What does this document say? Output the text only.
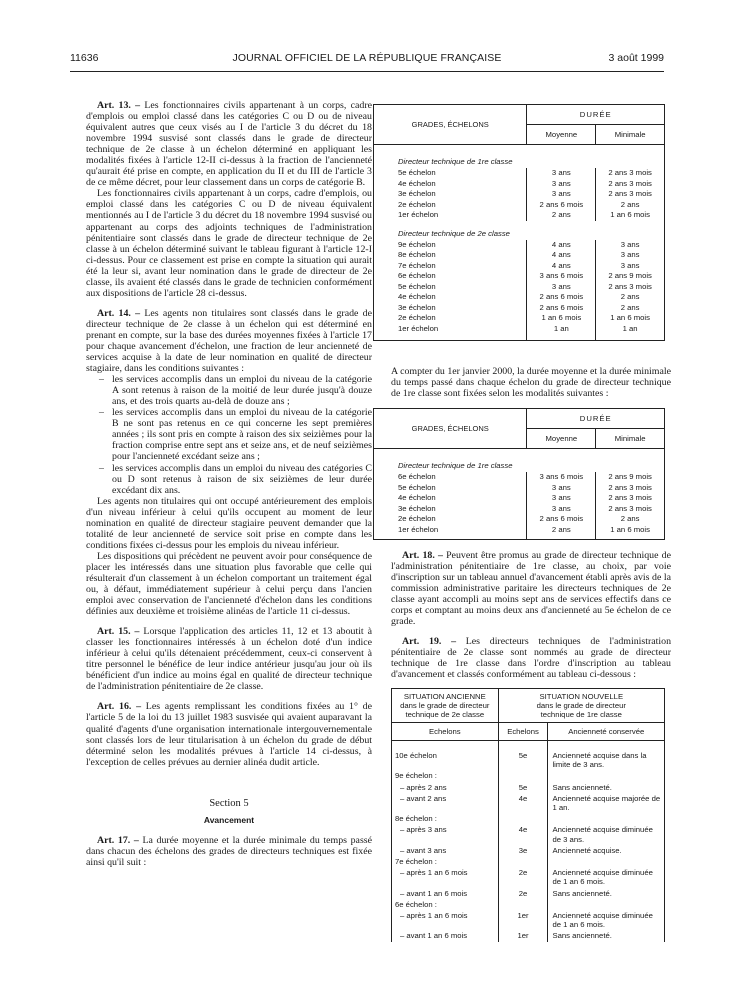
11636	JOURNAL OFFICIEL DE LA RÉPUBLIQUE FRANÇAISE	3 août 1999

Art. 13. – Les fonctionnaires civils appartenant à un corps, cadre d'emplois ou emploi classé dans les catégories C ou D ou de niveau équivalent autres que ceux visés au I de l'article 3 du décret du 18 novembre 1994 susvisé sont classés dans le grade de directeur technique de 2e classe à un échelon déterminé en appliquant les modalités fixées à l'article 12-II ci-dessus à la fraction de l'ancienneté qu'aurait été prise en compte, en application du II et du III de l'article 3 de ce même décret, pour leur classement dans un corps de catégorie B.

Les fonctionnaires civils appartenant à un corps, cadre d'emplois, ou emploi classé dans les catégories C ou D de niveau équivalent mentionnés au I de l'article 3 du décret du 18 novembre 1994 susvisé ou appartenant au corps des adjoints techniques de l'administration pénitentiaire sont classés dans le grade de directeur technique de 2e classe à un échelon déterminé suivant le tableau figurant à l'article 12-I ci-dessus. Pour ce classement est prise en compte la situation qui aurait été la leur si, avant leur nomination dans le grade de directeur de 2e classe, ils avaient été classés dans le grade de technicien conformément aux dispositions de l'article 28 ci-dessus.

Art. 14. – Les agents non titulaires sont classés dans le grade de directeur technique de 2e classe à un échelon qui est déterminé en prenant en compte, sur la base des durées moyennes fixées à l'article 17 pour chaque avancement d'échelon, une fraction de leur ancienneté de services acquise à la date de leur nomination en qualité de directeur stagiaire, dans les conditions suivantes :

– les services accomplis dans un emploi du niveau de la catégorie A sont retenus à raison de la moitié de leur durée jusqu'à douze ans, et des trois quarts au-delà de douze ans ;

– les services accomplis dans un emploi du niveau de la catégorie B ne sont pas retenus en ce qui concerne les sept premières années ; ils sont pris en compte à raison des six seizièmes pour la fraction comprise entre sept ans et seize ans, et de neuf seizièmes pour l'ancienneté excédant seize ans ;

– les services accomplis dans un emploi du niveau des catégories C ou D sont retenus à raison de six seizièmes de leur durée excédant dix ans.

Les agents non titulaires qui ont occupé antérieurement des emplois d'un niveau inférieur à celui qu'ils occupent au moment de leur nomination en qualité de directeur stagiaire peuvent demander que la totalité de leur ancienneté de service soit prise en compte dans les conditions fixées ci-dessus pour les emplois du niveau inférieur.

Les dispositions qui précèdent ne peuvent avoir pour conséquence de placer les intéressés dans une situation plus favorable que celle qui résulterait d'un classement à un échelon comportant un traitement égal ou, à défaut, immédiatement supérieur à celui perçu dans l'ancien emploi avec conservation de l'ancienneté d'échelon dans les conditions définies aux deuxième et troisième alinéas de l'article 11 ci-dessus.

Art. 15. – Lorsque l'application des articles 11, 12 et 13 aboutit à classer les fonctionnaires intéressés à un échelon doté d'un indice inférieur à celui qu'ils détenaient précédemment, ceux-ci conservent à titre personnel le bénéfice de leur indice antérieur jusqu'au jour où ils bénéficient d'un indice au moins égal en qualité de directeur technique de l'administration pénitentiaire de 2e classe.

Art. 16. – Les agents remplissant les conditions fixées au 1° de l'article 5 de la loi du 13 juillet 1983 susvisée qui avaient auparavant la qualité d'agents d'une organisation internationale intergouvernementale sont classés lors de leur titularisation à un échelon du grade de début déterminé selon les modalités prévues à l'article 14 ci-dessus, à l'exception de celles prévues au dernier alinéa dudit article.

Section 5

Avancement

Art. 17. – La durée moyenne et la durée minimale du temps passé dans chacun des échelons des grades de directeurs techniques est fixée ainsi qu'il suit :

GRADES, ÉCHELONS	DURÉE	
	Moyenne	Minimale
Directeur technique de 1re classe		
5e échelon	3 ans	2 ans 3 mois
4e échelon	3 ans	2 ans 3 mois
3e échelon	3 ans	2 ans 3 mois
2e échelon	2 ans 6 mois	2 ans
1er échelon	2 ans	1 an 6 mois
Directeur technique de 2e classe		
9e échelon	4 ans	3 ans
8e échelon	4 ans	3 ans
7e échelon	4 ans	3 ans
6e échelon	3 ans 6 mois	2 ans 9 mois
5e échelon	3 ans	2 ans 3 mois
4e échelon	2 ans 6 mois	2 ans
3e échelon	2 ans 6 mois	2 ans
2e échelon	1 an 6 mois	1 an 6 mois
1er échelon	1 an	1 an

A compter du 1er janvier 2000, la durée moyenne et la durée minimale du temps passé dans chaque échelon du grade de directeur technique de 1re classe sont fixées selon les modalités suivantes :

GRADES, ÉCHELONS	DURÉE	
	Moyenne	Minimale
Directeur technique de 1re classe		
6e échelon	3 ans 6 mois	2 ans 9 mois
5e échelon	3 ans	2 ans 3 mois
4e échelon	3 ans	2 ans 3 mois
3e échelon	3 ans	2 ans 3 mois
2e échelon	2 ans 6 mois	2 ans
1er échelon	2 ans	1 an 6 mois

Art. 18. – Peuvent être promus au grade de directeur technique de l'administration pénitentiaire de 1re classe, au choix, par voie d'inscription sur un tableau annuel d'avancement établi après avis de la commission administrative paritaire les directeurs techniques de 2e classe ayant accompli au moins sept ans de services effectifs dans ce corps et comptant au moins deux ans d'ancienneté au 5e échelon de ce grade.

Art. 19. – Les directeurs techniques de l'administration pénitentiaire de 2e classe sont nommés au grade de directeur technique de 1re classe dans l'ordre d'inscription au tableau d'avancement et classés conformément au tableau ci-dessous :

SITUATION ANCIENNE
dans le grade de directeur
technique de 2e classe	SITUATION NOUVELLE
dans le grade de directeur
technique de 1re classe	
Echelons	Echelons	Ancienneté conservée
10e échelon	5e	Ancienneté acquise dans la limite de 3 ans.
9e échelon :		
– après 2 ans	5e	Sans ancienneté.
– avant 2 ans	4e	Ancienneté acquise majorée de 1 an.
8e échelon :		
– après 3 ans	4e	Ancienneté acquise diminuée de 3 ans.
– avant 3 ans	3e	Ancienneté acquise.
7e échelon :		
– après 1 an 6 mois	2e	Ancienneté acquise diminuée de 1 an 6 mois.
– avant 1 an 6 mois	2e	Sans ancienneté.
6e échelon :		
– après 1 an 6 mois	1er	Ancienneté acquise diminuée de 1 an 6 mois.
– avant 1 an 6 mois	1er	Sans ancienneté.
